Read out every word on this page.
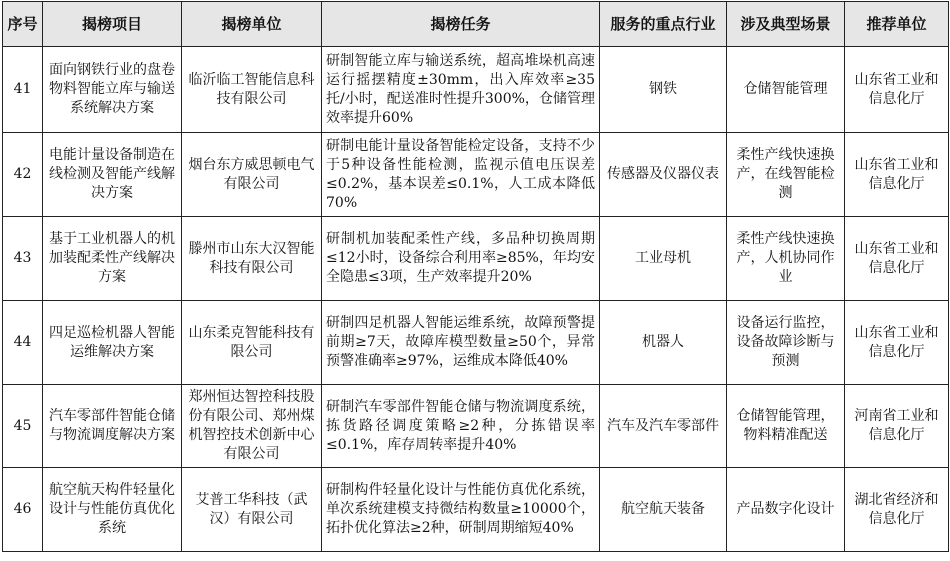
序号	揭榜项目	揭榜单位	揭榜任务	服务的重点行业	涉及典型场景	推荐单位
41	面向钢铁行业的盘卷物料智能立库与输送系统解决方案	临沂临工智能信息科技有限公司	研制智能立库与输送系统，超高堆垛机高速运行摇摆精度±30mm，出入库效率≥35托/小时，配送准时性提升300%，仓储管理效率提升60%	钢铁	仓储智能管理	山东省工业和信息化厅
42	电能计量设备制造在线检测及智能产线解决方案	烟台东方威思顿电气有限公司	研制电能计量设备智能检定设备，支持不少于5种设备性能检测，监视示值电压误差≤0.2%，基本误差≤0.1%，人工成本降低70%	传感器及仪器仪表	柔性产线快速换产，在线智能检测	山东省工业和信息化厅
43	基于工业机器人的机加装配柔性产线解决方案	滕州市山东大汉智能科技有限公司	研制机加装配柔性产线，多品种切换周期≤12小时，设备综合利用率≥85%，年均安全隐患≤3项，生产效率提升20%	工业母机	柔性产线快速换产，人机协同作业	山东省工业和信息化厅
44	四足巡检机器人智能运维解决方案	山东柔克智能科技有限公司	研制四足机器人智能运维系统，故障预警提前期≥7天，故障库模型数量≥50个，异常预警准确率≥97%，运维成本降低40%	机器人	设备运行监控，设备故障诊断与预测	山东省工业和信息化厅
45	汽车零部件智能仓储与物流调度解决方案	郑州恒达智控科技股份有限公司、郑州煤机智控技术创新中心有限公司	研制汽车零部件智能仓储与物流调度系统，拣货路径调度策略≥2种，分拣错误率≤0.1%，库存周转率提升40%	汽车及汽车零部件	仓储智能管理，物料精准配送	河南省工业和信息化厅
46	航空航天构件轻量化设计与性能仿真优化系统	艾普工华科技（武汉）有限公司	研制构件轻量化设计与性能仿真优化系统，单次系统建模支持微结构数量≥10000个，拓扑优化算法≥2种，研制周期缩短40%	航空航天装备	产品数字化设计	湖北省经济和信息化厅
